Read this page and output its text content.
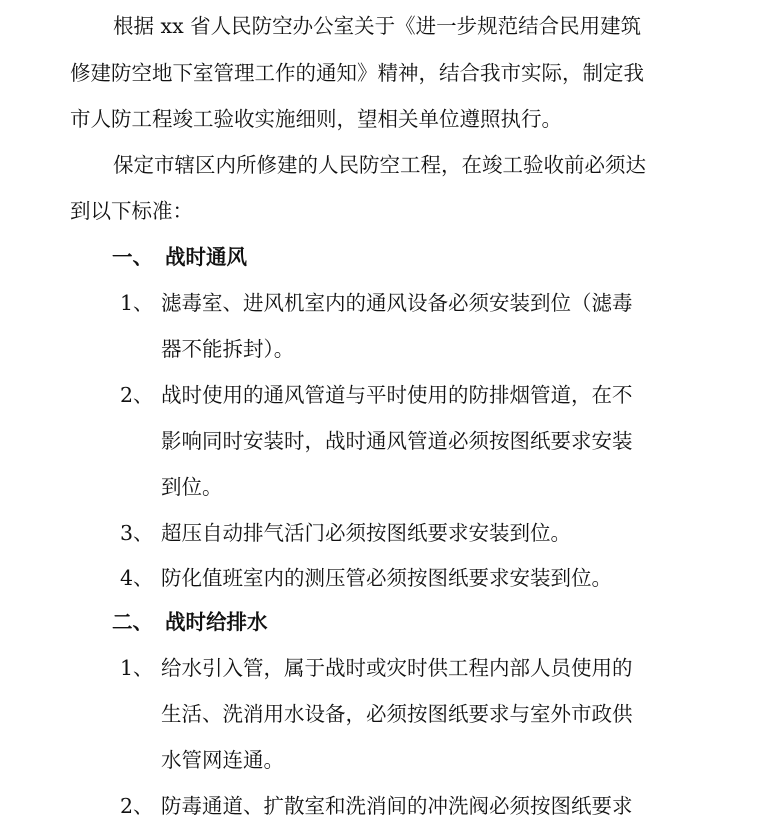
根据 xx 省人民防空办公室关于《进一步规范结合民用建筑
修建防空地下室管理工作的通知》精神，结合我市实际，制定我
市人防工程竣工验收实施细则，望相关单位遵照执行。
保定市辖区内所修建的人民防空工程，在竣工验收前必须达
到以下标准：
一、 战时通风
1、 滤毒室、进风机室内的通风设备必须安装到位（滤毒
器不能拆封）。
2、 战时使用的通风管道与平时使用的防排烟管道，在不
影响同时安装时，战时通风管道必须按图纸要求安装
到位。
3、 超压自动排气活门必须按图纸要求安装到位。
4、 防化值班室内的测压管必须按图纸要求安装到位。
二、 战时给排水
1、 给水引入管，属于战时或灾时供工程内部人员使用的
生活、洗消用水设备，必须按图纸要求与室外市政供
水管网连通。
2、 防毒通道、扩散室和洗消间的冲洗阀必须按图纸要求
